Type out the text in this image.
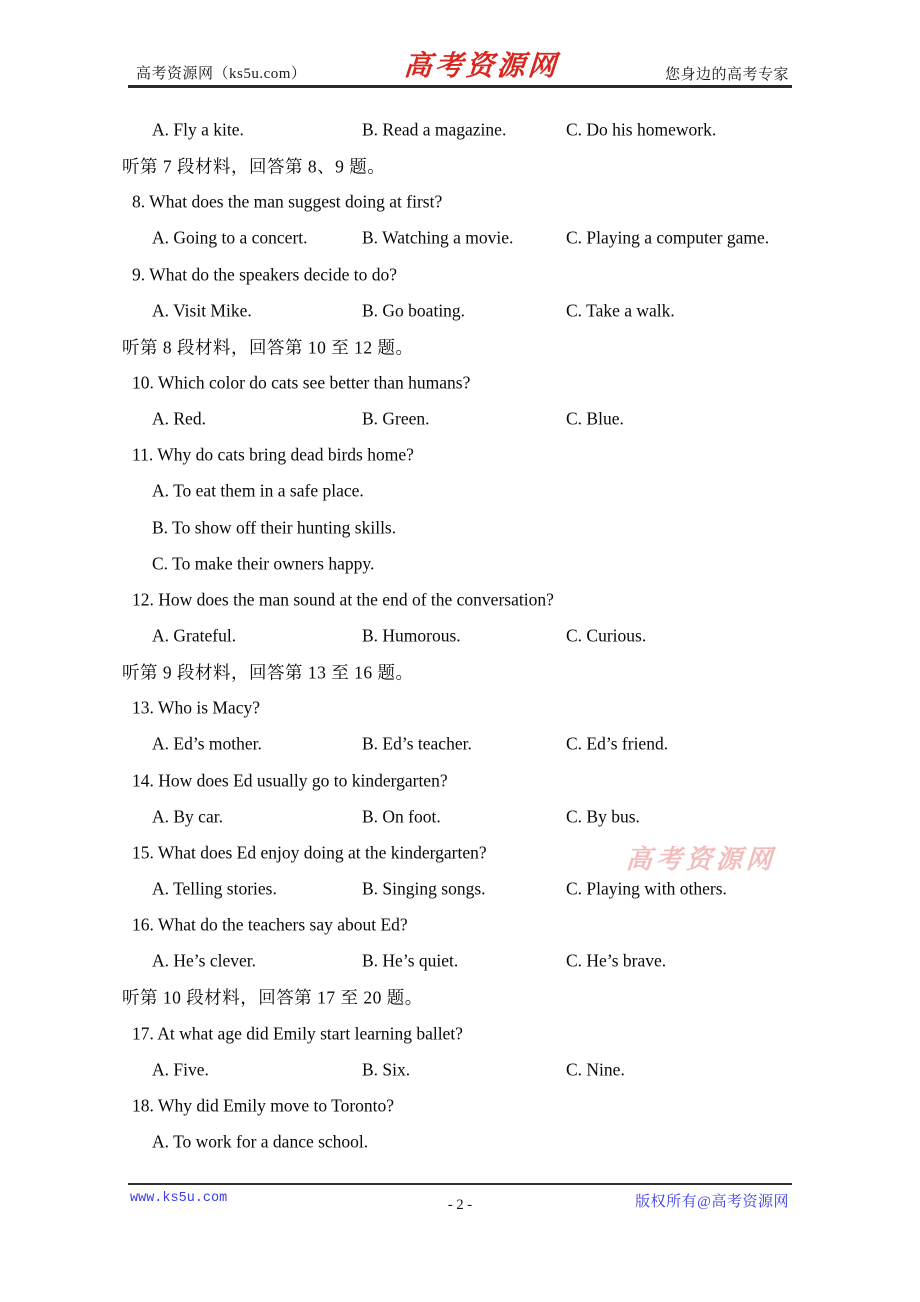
高考资源网（ks5u.com）	高考资源网	您身边的高考专家
A. Fly a kite.	B. Read a magazine.	C. Do his homework.
听第 7 段材料，回答第 8、9 题。
8. What does the man suggest doing at first?
A. Going to a concert.	B. Watching a movie.	C. Playing a computer game.
9. What do the speakers decide to do?
A. Visit Mike.	B. Go boating.	C. Take a walk.
听第 8 段材料，回答第 10 至 12 题。
10. Which color do cats see better than humans?
A. Red.	B. Green.	C. Blue.
11. Why do cats bring dead birds home?
A. To eat them in a safe place.
B. To show off their hunting skills.
C. To make their owners happy.
12. How does the man sound at the end of the conversation?
A. Grateful.	B. Humorous.	C. Curious.
听第 9 段材料，回答第 13 至 16 题。
13. Who is Macy?
A. Ed’s mother.	B. Ed’s teacher.	C. Ed’s friend.
14. How does Ed usually go to kindergarten?
A. By car.	B. On foot.	C. By bus.
15. What does Ed enjoy doing at the kindergarten?
A. Telling stories.	B. Singing songs.	C. Playing with others.
16. What do the teachers say about Ed?
A. He’s clever.	B. He’s quiet.	C. He’s brave.
听第 10 段材料，回答第 17 至 20 题。
17. At what age did Emily start learning ballet?
A. Five.	B. Six.	C. Nine.
18. Why did Emily move to Toronto?
A. To work for a dance school.
高考资源网
www.ks5u.com	- 2 -	版权所有@高考资源网
